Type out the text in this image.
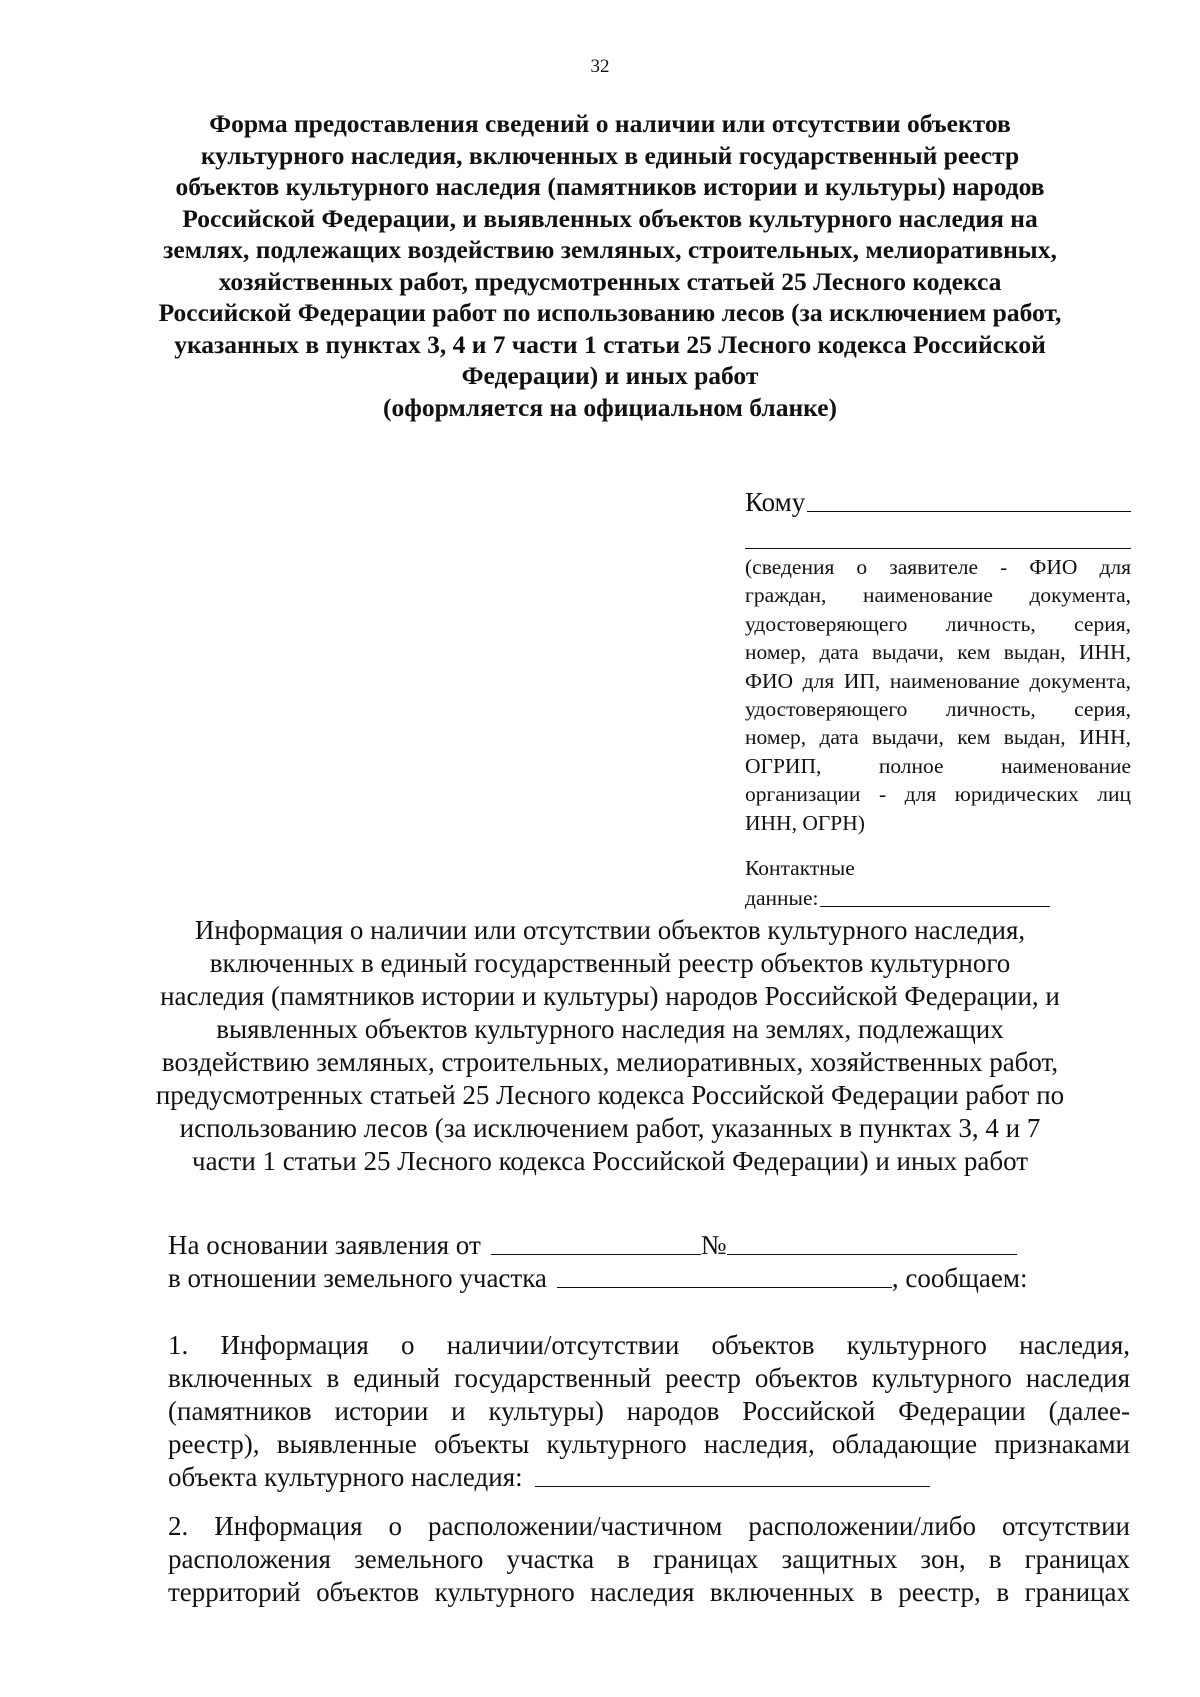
32
Форма предоставления сведений о наличии или отсутствии объектов
культурного наследия, включенных в единый государственный реестр
объектов культурного наследия (памятников истории и культуры) народов
Российской Федерации, и выявленных объектов культурного наследия на
землях, подлежащих воздействию земляных, строительных, мелиоративных,
хозяйственных работ, предусмотренных статьей 25 Лесного кодекса
Российской Федерации работ по использованию лесов (за исключением работ,
указанных в пунктах 3, 4 и 7 части 1 статьи 25 Лесного кодекса Российской
Федерации) и иных работ
(оформляется на официальном бланке)
Кому
(сведения о заявителе - ФИО для граждан, наименование документа, удостоверяющего личность, серия, номер, дата выдачи, кем выдан, ИНН, ФИО для ИП, наименование документа, удостоверяющего личность, серия, номер, дата выдачи, кем выдан, ИНН, ОГРИП, полное наименование организации - для юридических лиц ИНН, ОГРН)
Контактные
данные:
Информация о наличии или отсутствии объектов культурного наследия,
включенных в единый государственный реестр объектов культурного
наследия (памятников истории и культуры) народов Российской Федерации, и
выявленных объектов культурного наследия на землях, подлежащих
воздействию земляных, строительных, мелиоративных, хозяйственных работ,
предусмотренных статьей 25 Лесного кодекса Российской Федерации работ по
использованию лесов (за исключением работ, указанных в пунктах 3, 4 и 7
части 1 статьи 25 Лесного кодекса Российской Федерации) и иных работ
На основании заявления от	№
в отношении земельного участка	, сообщаем:
1. Информация о наличии/отсутствии объектов культурного наследия,
включенных в единый государственный реестр объектов культурного наследия
(памятников истории и культуры) народов Российской Федерации (далее-
реестр), выявленные объекты культурного наследия, обладающие признаками
объекта культурного наследия:
2. Информация о расположении/частичном расположении/либо отсутствии
расположения земельного участка в границах защитных зон, в границах
территорий объектов культурного наследия включенных в реестр, в границах
